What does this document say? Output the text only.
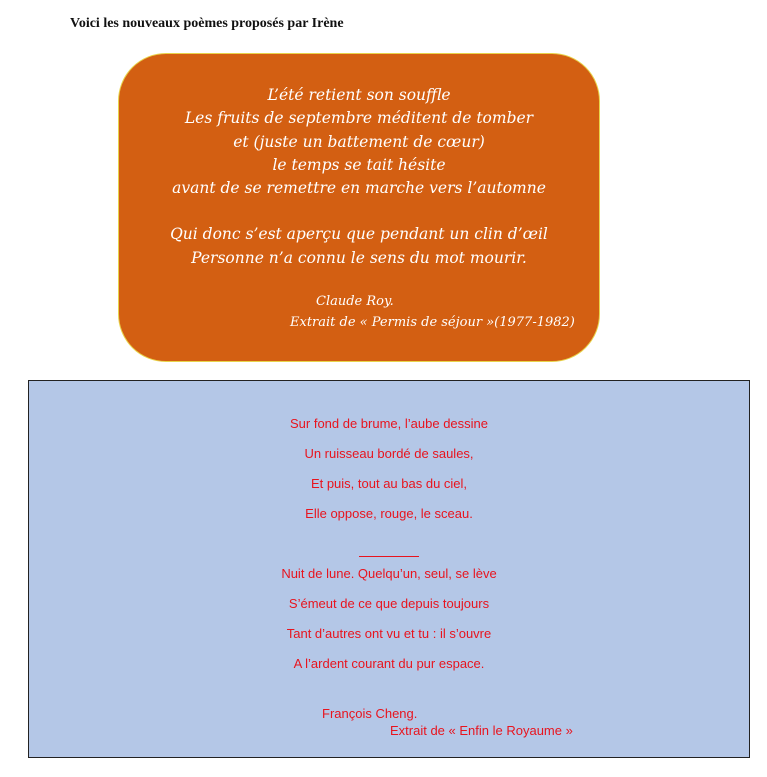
Voici les nouveaux poèmes proposés par Irène
L’été retient son souffle
Les fruits de septembre méditent de tomber
et (juste un battement de cœur)
le temps se tait hésite
avant de se remettre en marche vers l’automne
Qui donc s’est aperçu que pendant un clin d’œil
Personne n’a connu le sens du mot mourir.
Claude Roy.
Extrait de « Permis de séjour »(1977-1982)
Sur fond de brume, l’aube dessine
Un ruisseau bordé de saules,
Et puis, tout au bas du ciel,
Elle oppose, rouge, le sceau.
Nuit de lune. Quelqu’un, seul, se lève
S’émeut de ce que depuis toujours
Tant d’autres ont vu et tu : il s’ouvre
A l’ardent courant du pur espace.
François Cheng.
Extrait de « Enfin le Royaume »
